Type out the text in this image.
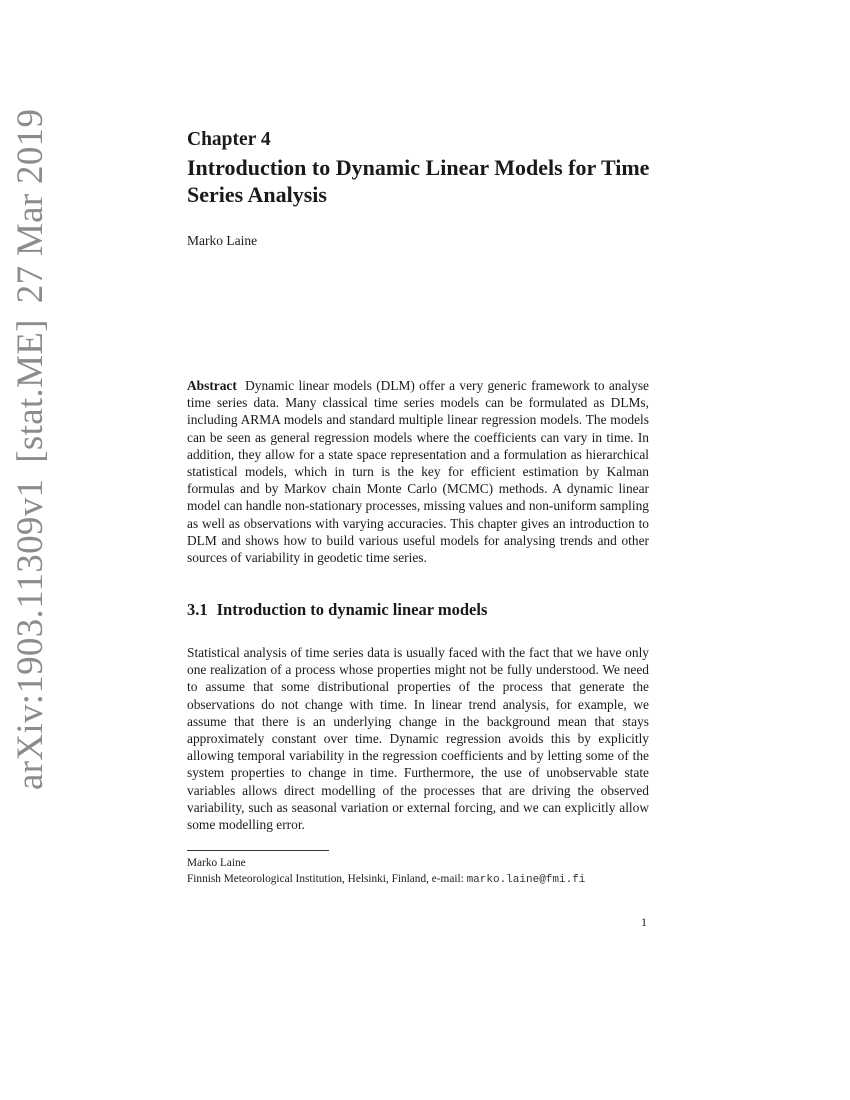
arXiv:1903.11309v1[stat.ME]27 Mar 2019	Chapter 4
Introduction to Dynamic Linear Models for Time Series Analysis
Marko Laine
Abstract Dynamic linear models (DLM) offer a very generic framework to analyse time series data. Many classical time series models can be formulated as DLMs, including ARMA models and standard multiple linear regression models. The models can be seen as general regression models where the coefficients can vary in time. In addition, they allow for a state space representation and a formulation as hierarchical statistical models, which in turn is the key for efficient estimation by Kalman formulas and by Markov chain Monte Carlo (MCMC) methods. A dynamic linear model can handle non-stationary processes, missing values and non-uniform sampling as well as observations with varying accuracies. This chapter gives an introduction to DLM and shows how to build various useful models for analysing trends and other sources of variability in geodetic time series.
3.1 Introduction to dynamic linear models
Statistical analysis of time series data is usually faced with the fact that we have only one realization of a process whose properties might not be fully understood. We need to assume that some distributional properties of the process that generate the observations do not change with time. In linear trend analysis, for example, we assume that there is an underlying change in the background mean that stays approximately constant over time. Dynamic regression avoids this by explicitly allowing temporal variability in the regression coefficients and by letting some of the system properties to change in time. Furthermore, the use of unobservable state variables allows direct modelling of the processes that are driving the observed variability, such as seasonal variation or external forcing, and we can explicitly allow some modelling error.
Marko Laine
Finnish Meteorological Institution, Helsinki, Finland, e-mail: marko.laine@fmi.fi
1
